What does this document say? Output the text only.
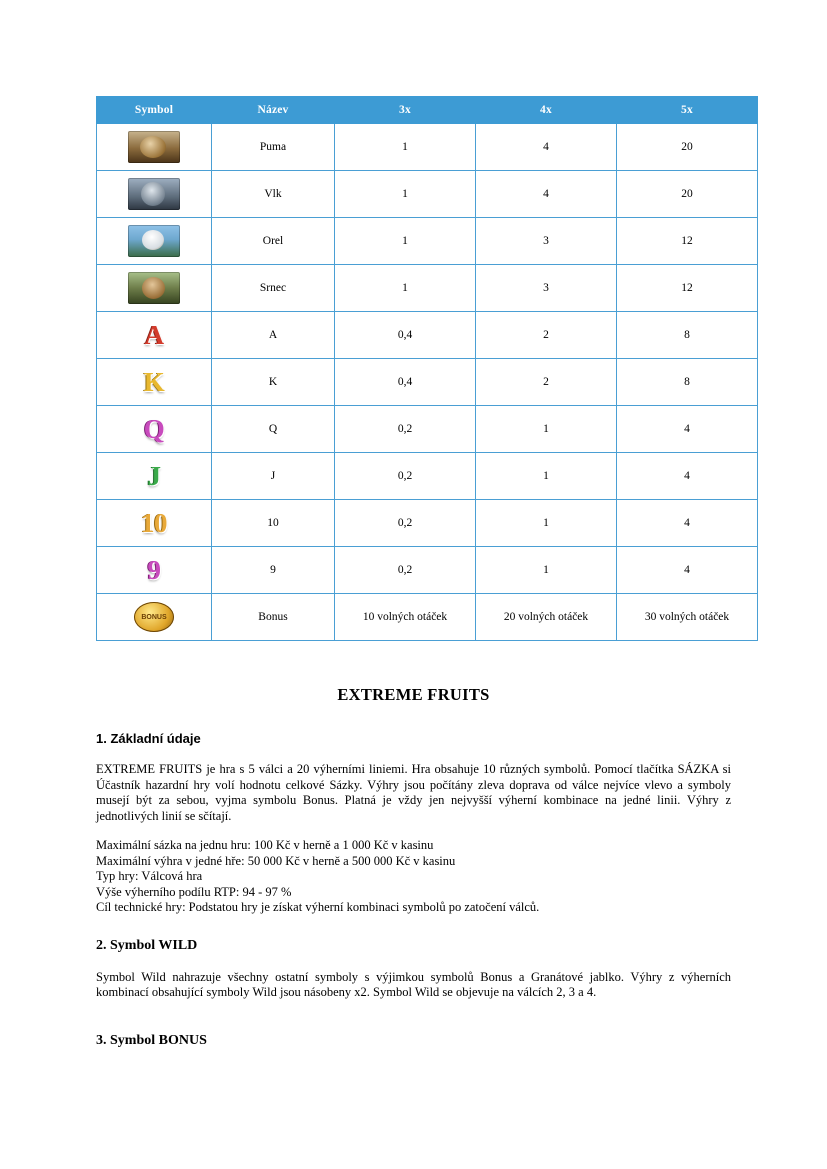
Symbol	Název	3x	4x	5x

	Puma	1	4	20

	Vlk	1	4	20

	Orel	1	3	12

	Srnec	1	3	12

A	A	0,4	2	8

K	K	0,4	2	8

Q	Q	0,2	1	4

J	J	0,2	1	4

10	10	0,2	1	4

9	9	0,2	1	4

BONUS	Bonus	10 volných otáček	20 volných otáček	30 volných otáček
EXTREME FRUITS
1. Základní údaje

EXTREME FRUITS je hra s 5 válci a 20 výherními liniemi. Hra obsahuje 10 různých symbolů. Pomocí tlačítka SÁZKA si Účastník hazardní hry volí hodnotu celkové Sázky. Výhry jsou počítány zleva doprava od válce nejvíce vlevo a symboly musejí být za sebou, vyjma symbolu Bonus. Platná je vždy jen nejvyšší výherní kombinace na jedné linii. Výhry z jednotlivých linií se sčítají.

Maximální sázka na jednu hru: 100 Kč v herně a 1 000 Kč v kasinu
Maximální výhra v jedné hře: 50 000 Kč v herně a 500 000 Kč v kasinu
Typ hry: Válcová hra
Výše výherního podílu RTP: 94 - 97 %
Cíl technické hry: Podstatou hry je získat výherní kombinaci symbolů po zatočení válců.

2. Symbol WILD

Symbol Wild nahrazuje všechny ostatní symboly s výjimkou symbolů Bonus a Granátové jablko. Výhry z výherních kombinací obsahující symboly Wild jsou násobeny x2. Symbol Wild se objevuje na válcích 2, 3 a 4.

3. Symbol BONUS
